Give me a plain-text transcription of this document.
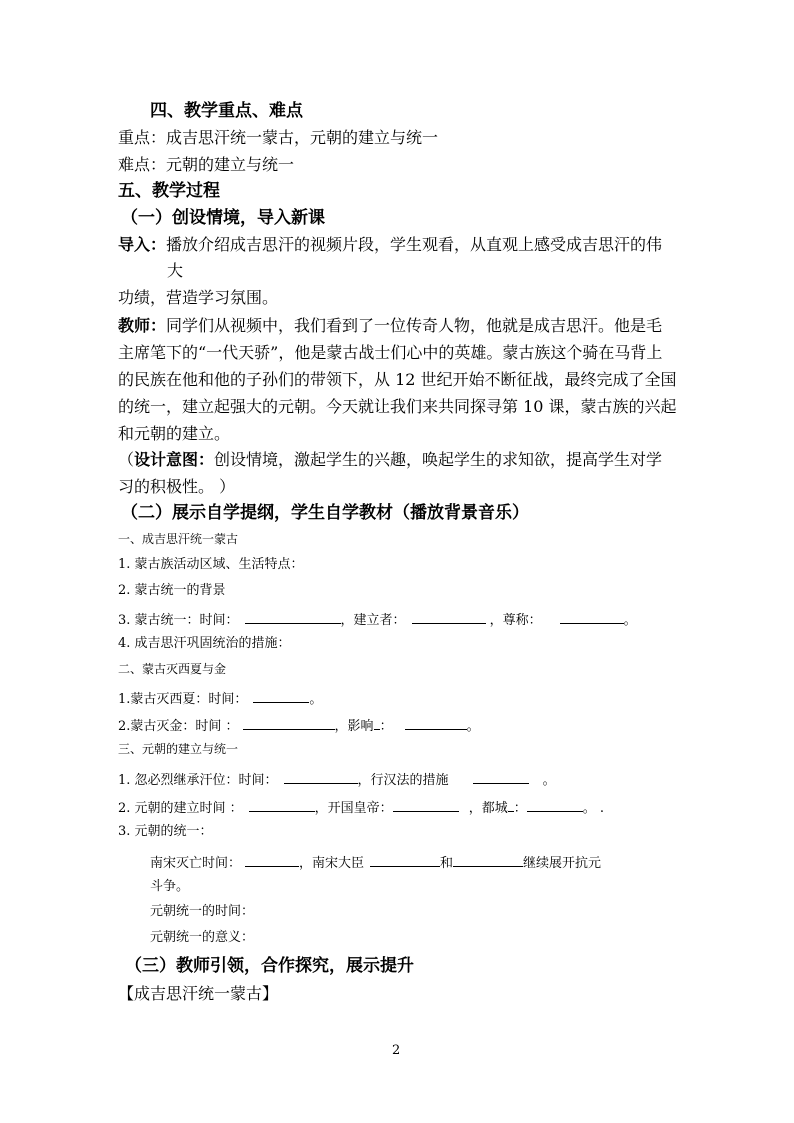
四、教学重点、难点
重点：成吉思汗统一蒙古，元朝的建立与统一
难点：元朝的建立与统一
五、教学过程
（一）创设情境，导入新课
导入：播放介绍成吉思汗的视频片段，学生观看，从直观上感受成吉思汗的伟
大
功绩，营造学习氛围。
教师：同学们从视频中，我们看到了一位传奇人物，他就是成吉思汗。他是毛
主席笔下的“一代天骄”，他是蒙古战士们心中的英雄。蒙古族这个骑在马背上
的民族在他和他的子孙们的带领下，从 12 世纪开始不断征战，最终完成了全国
的统一，建立起强大的元朝。今天就让我们来共同探寻第 10 课，蒙古族的兴起
和元朝的建立。
（设计意图：创设情境，激起学生的兴趣，唤起学生的求知欲，提高学生对学
习的积极性。 ）
（二）展示自学提纲，学生自学教材（播放背景音乐）
一、成吉思汗统一蒙古
1. 蒙古族活动区域、生活特点：
2. 蒙古统一的背景
3. 蒙古统一：时间：	，建立者：	，尊称：	。
4. 成吉思汗巩固统治的措施：
二、蒙古灭西夏与金
1.蒙古灭西夏：时间：	。
2.蒙古灭金：时间 ：	，影响 ：	。
三、元朝的建立与统一
1. 忽必烈继承汗位：时间：	，行汉法的措施	。
2. 元朝的建立时间 ：	，开国皇帝：	，都城 ：	。 .
3. 元朝的统一：
南宋灭亡时间：	，南宋大臣	和	继续展开抗元
斗争。
元朝统一的时间：
元朝统一的意义：
（三）教师引领，合作探究，展示提升
【成吉思汗统一蒙古】
2
